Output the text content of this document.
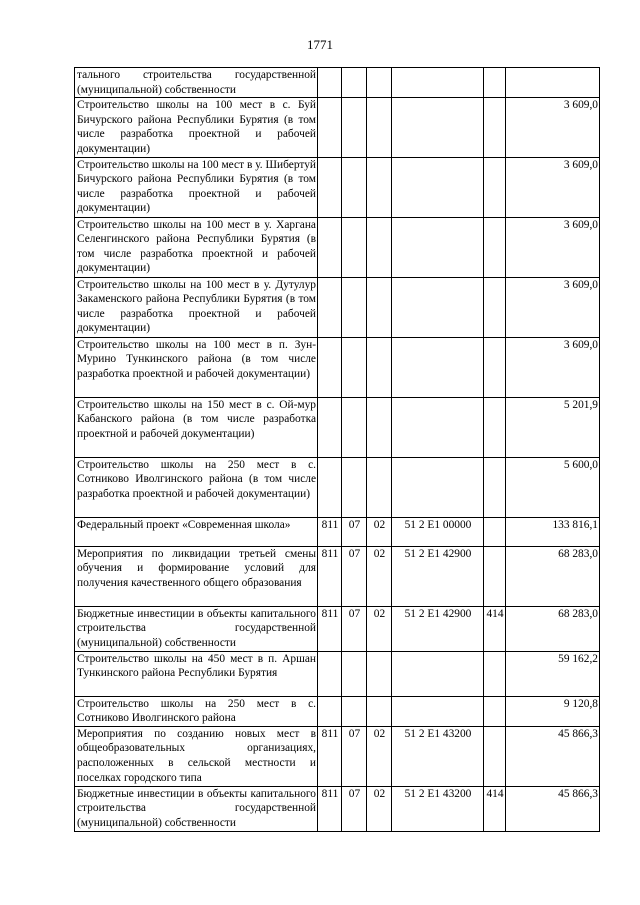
1771
тального строительства государственной (муниципальной) собственности						
Строительство школы на 100 мест в с. Буй Бичурского района Республики Бурятия (в том числе разработка проектной и рабочей документации)						3 609,0
Строительство школы на 100 мест в у. Шибертуй Бичурского района Республики Бурятия (в том числе разработка проектной и рабочей документации)						3 609,0
Строительство школы на 100 мест в у. Харгана Селенгинского района Республики Бурятия (в том числе разработка проектной и рабочей документации)						3 609,0
Строительство школы на 100 мест в у. Дутулур Закаменского района Республики Бурятия (в том числе разработка проектной и рабочей документации)						3 609,0
Строительство школы на 100 мест в п. Зун-Мурино Тункинского района (в том числе разработка проектной и рабочей документации)						3 609,0
Строительство школы на 150 мест в с. Ой-мур Кабанского района (в том числе разработка проектной и рабочей документации)						5 201,9
Строительство школы на 250 мест в с. Сотниково Иволгинского района (в том числе разработка проектной и рабочей документации)						5 600,0
Федеральный проект «Современная школа»	811	07	02	51 2 E1 00000		133 816,1
Мероприятия по ликвидации третьей смены обучения и формирование условий для получения качественного общего образования	811	07	02	51 2 E1 42900		68 283,0
Бюджетные инвестиции в объекты капитального строительства государственной (муниципальной) собственности	811	07	02	51 2 E1 42900	414	68 283,0
Строительство школы на 450 мест в п. Аршан Тункинского района Республики Бурятия						59 162,2
Строительство школы на 250 мест в с. Сотниково Иволгинского района						9 120,8
Мероприятия по созданию новых мест в общеобразовательных организациях, расположенных в сельской местности и поселках городского типа	811	07	02	51 2 E1 43200		45 866,3
Бюджетные инвестиции в объекты капитального строительства государственной (муниципальной) собственности	811	07	02	51 2 E1 43200	414	45 866,3
